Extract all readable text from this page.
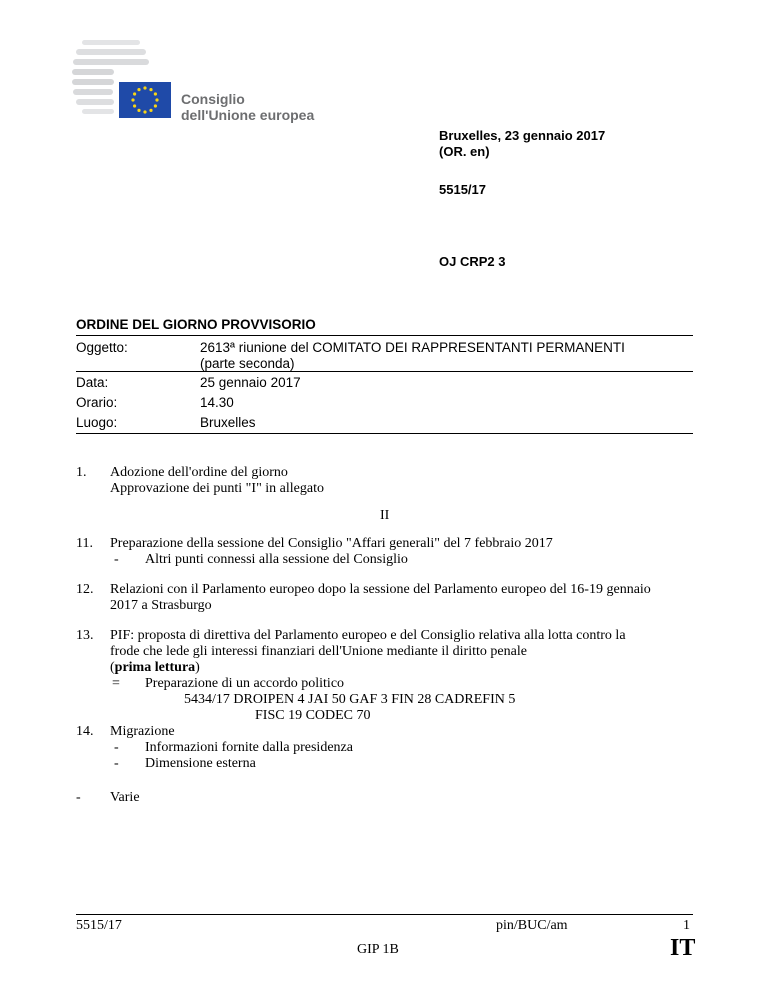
Consiglio
dell'Unione europea
Bruxelles, 23 gennaio 2017
(OR. en)
5515/17
OJ CRP2 3
ORDINE DEL GIORNO PROVVISORIO
Oggetto:	2613ª riunione del COMITATO DEI RAPPRESENTANTI PERMANENTI
(parte seconda)
Data:	25 gennaio 2017
Orario:	14.30
Luogo:	Bruxelles
1. Adozione dell'ordine del giorno
Approvazione dei punti "I" in allegato
II
11. Preparazione della sessione del Consiglio "Affari generali" del 7 febbraio 2017
- Altri punti connessi alla sessione del Consiglio
12. Relazioni con il Parlamento europeo dopo la sessione del Parlamento europeo del 16-19 gennaio
2017 a Strasburgo
13. PIF: proposta di direttiva del Parlamento europeo e del Consiglio relativa alla lotta contro la
frode che lede gli interessi finanziari dell'Unione mediante il diritto penale
(prima lettura)
= Preparazione di un accordo politico
5434/17 DROIPEN 4 JAI 50 GAF 3 FIN 28 CADREFIN 5
FISC 19 CODEC 70
14. Migrazione
- Informazioni fornite dalla presidenza
- Dimensione esterna
- Varie
5515/17	pin/BUC/am	1
GIP 1B	IT
